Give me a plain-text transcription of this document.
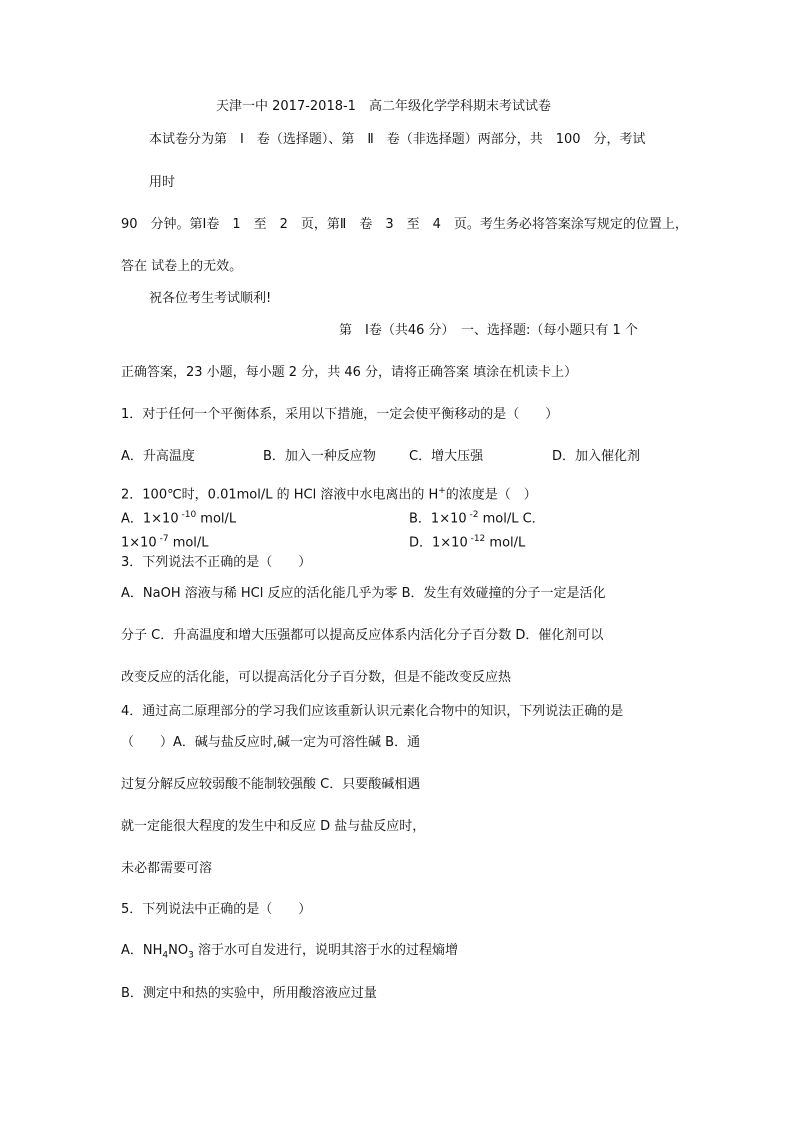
天津一中 2017-2018-1　高二年级化学学科期末考试试卷
本试卷分为第　Ⅰ　卷（选择题）、第　Ⅱ　卷（非选择题）两部分，共　100　分，考试
用时
90　分钟。第Ⅰ卷　1　至　2　页，第Ⅱ　卷　3　至　4　页。考生务必将答案涂写规定的位置上，
答在 试卷上的无效。
祝各位考生考试顺利!
第　Ⅰ卷（共46 分）　一、选择题:（每小题只有 1 个
正确答案，23 小题，每小题 2 分，共 46 分，请将正确答案 填涂在机读卡上）
1．对于任何一个平衡体系，采用以下措施，一定会使平衡移动的是（　　）
A．升高温度	B．加入一种反应物	C．增大压强	D．加入催化剂
2．100℃时，0.01mol/L 的 HCl 溶液中水电离出的 H+的浓度是（　）
A．1×10 $^{-10}$ mol/L	B．1×10 $^{-2}$ mol/L C．
1×10 $^{-7}$ mol/L	D．1×10 $^{-12}$ mol/L
3．下列说法不正确的是（　　）
A．NaOH 溶液与稀 HCl 反应的活化能几乎为零 B．发生有效碰撞的分子一定是活化
分子 C．升高温度和增大压强都可以提高反应体系内活化分子百分数 D．催化剂可以
改变反应的活化能，可以提高活化分子百分数，但是不能改变反应热
4．通过高二原理部分的学习我们应该重新认识元素化合物中的知识，下列说法正确的是
（　　）A．碱与盐反应时,碱一定为可溶性碱 B．通
过复分解反应较弱酸不能制较强酸 C．只要酸碱相遇
就一定能很大程度的发生中和反应 D 盐与盐反应时，
未必都需要可溶
5．下列说法中正确的是（　　）
A．$NH_4NO_3$ 溶于水可自发进行，说明其溶于水的过程熵增
B．测定中和热的实验中，所用酸溶液应过量
